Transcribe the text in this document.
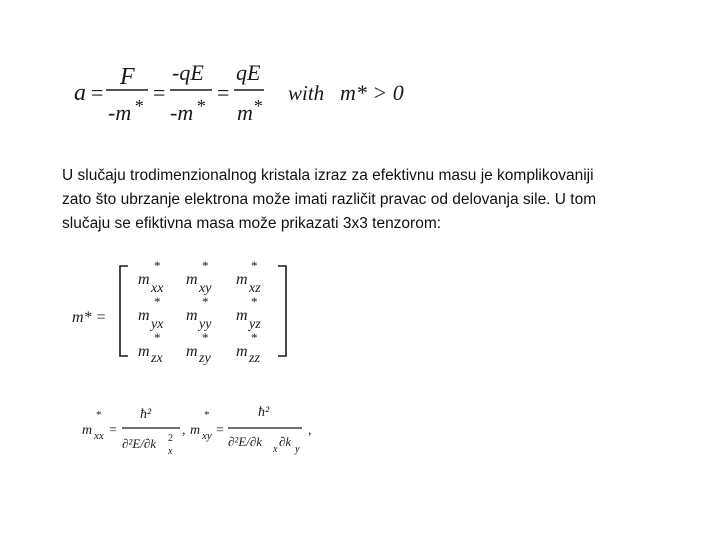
a =
F
-m *
=
-qE
-m *
=
qE
m *
with m* > 0
U slučaju trodimenzionalnog kristala izraz za efektivnu masu je komplikovaniji
zato što ubrzanje elektrona može imati različit pravac od delovanja sile. U tom
slučaju se efiktivna masa može prikazati 3x3 tenzorom:
m* =
*
m
xx
*
m
xy
*
m
xz
*
m
yx
*
m
yy
*
m
yz
*
m zx
*
m zy
*
m zz
*
m xx =
ħ²
∂²E/∂k 2
x
,
*
m xy =
ħ²
∂²E/∂k
x
∂k
y
,
